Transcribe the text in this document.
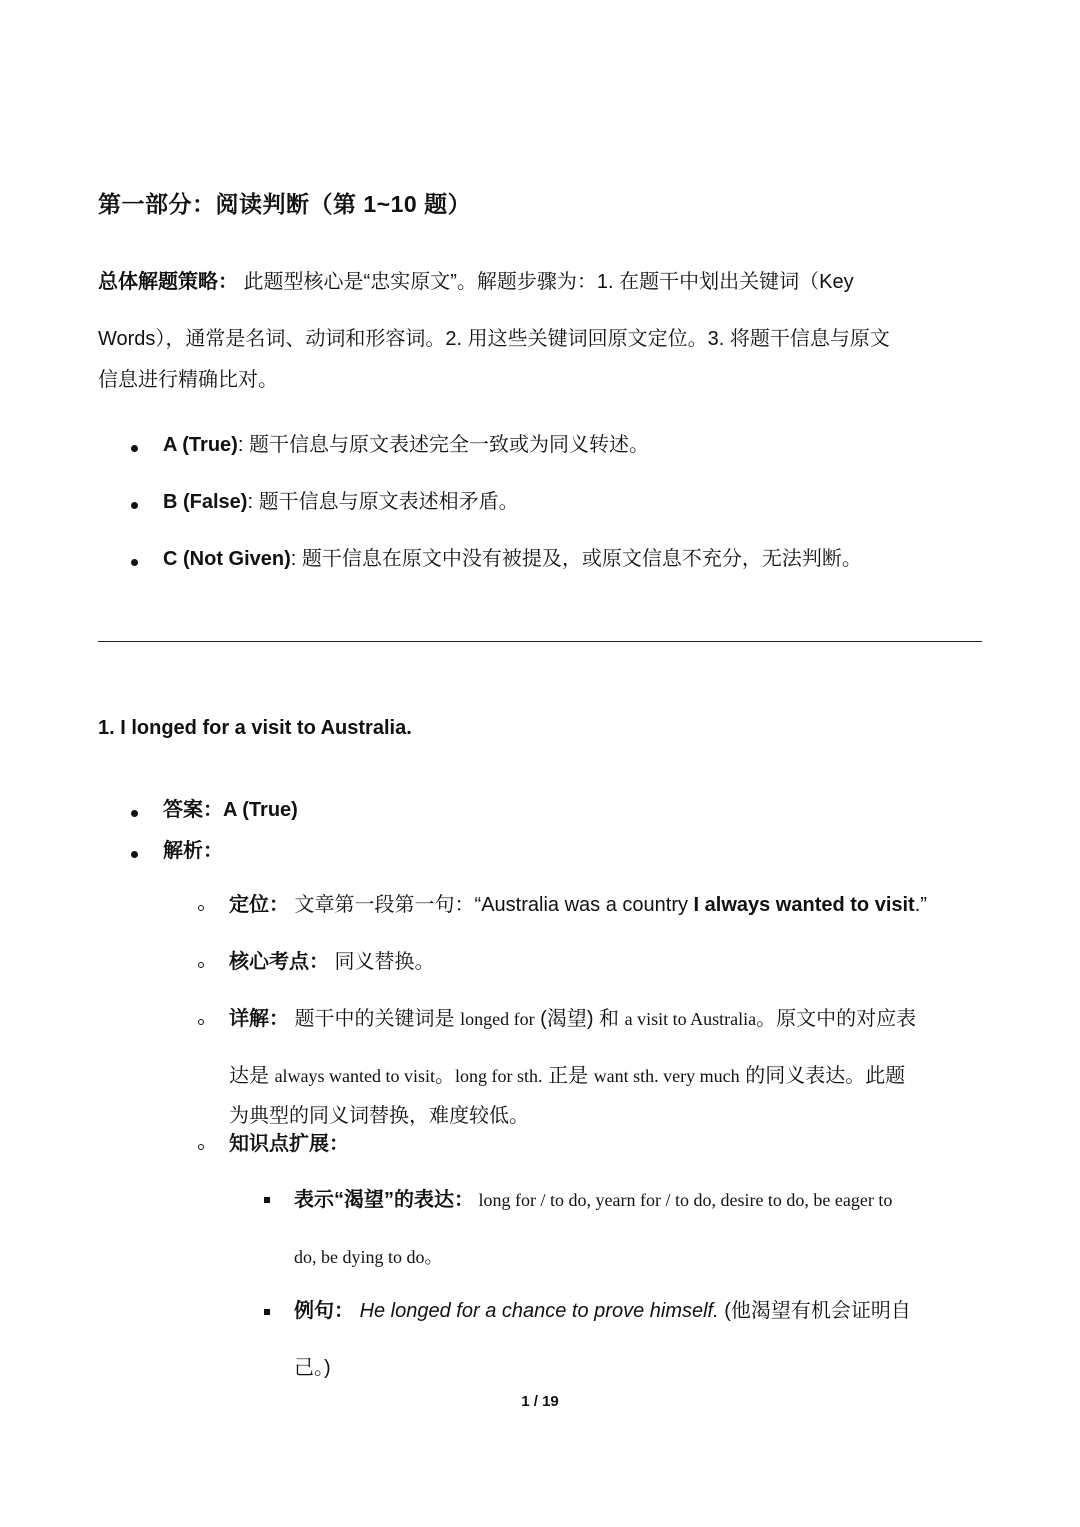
第一部分：阅读判断（第 1~10 题）
总体解题策略： 此题型核心是“忠实原文”。解题步骤为：1. 在题干中划出关键词（Key
Words），通常是名词、动词和形容词。2. 用这些关键词回原文定位。3. 将题干信息与原文
信息进行精确比对。
A (True): 题干信息与原文表述完全一致或为同义转述。
B (False): 题干信息与原文表述相矛盾。
C (Not Given): 题干信息在原文中没有被提及，或原文信息不充分，无法判断。
1. I longed for a visit to Australia.
答案：A (True)
解析：
定位： 文章第一段第一句：“Australia was a country I always wanted to visit.”
核心考点： 同义替换。
详解： 题干中的关键词是 longed for (渴望) 和 a visit to Australia。原文中的对应表
达是 always wanted to visit。long for sth. 正是 want sth. very much 的同义表达。此题
为典型的同义词替换，难度较低。
知识点扩展：
表示“渴望”的表达： long for / to do, yearn for / to do, desire to do, be eager to
do, be dying to do。
例句： He longed for a chance to prove himself. (他渴望有机会证明自
己。)
1 / 19
